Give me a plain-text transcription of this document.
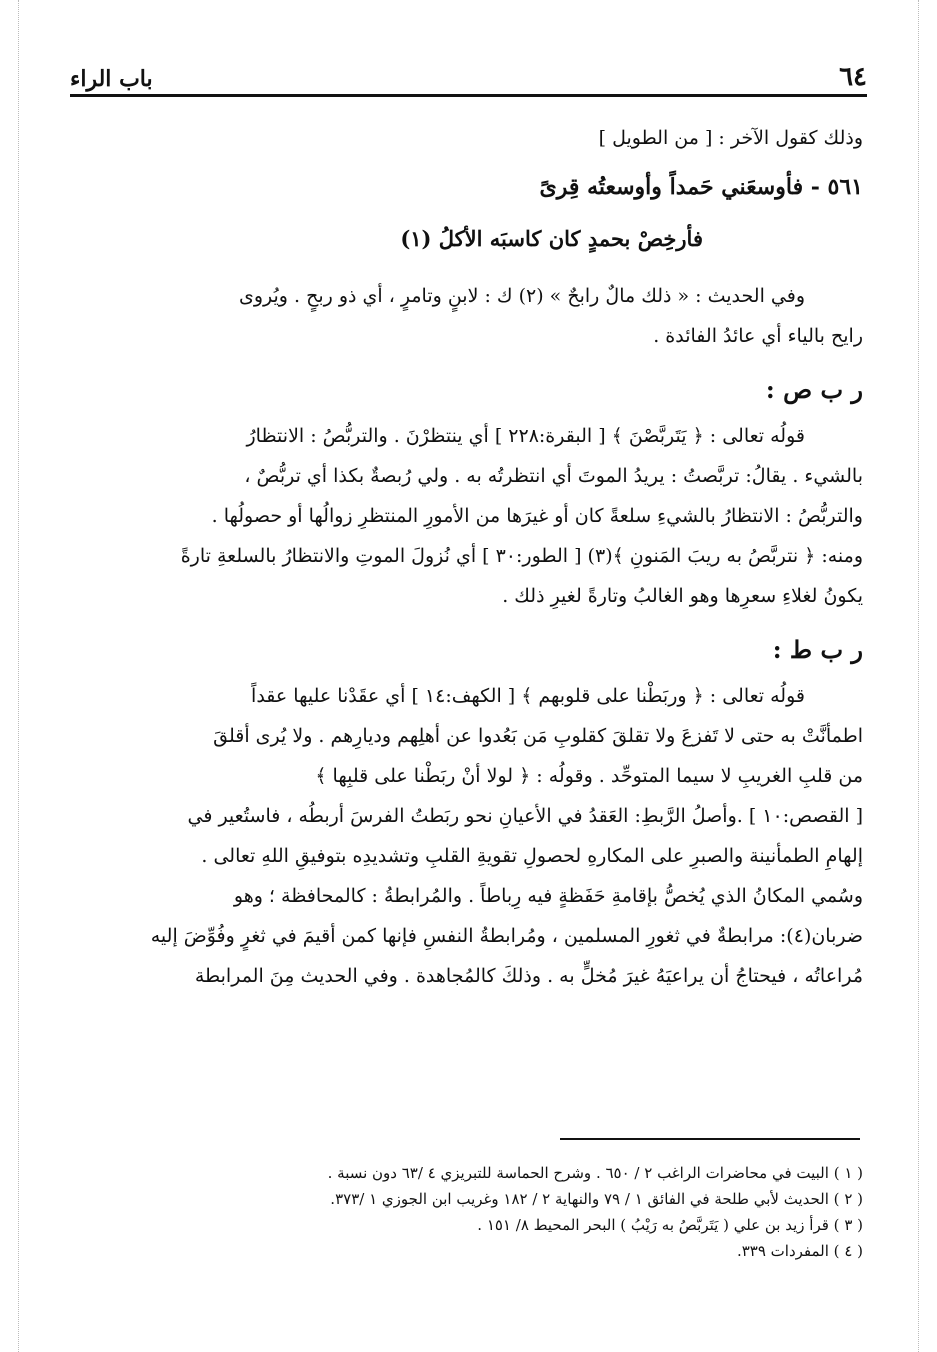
٦٤
باب الراء
وذلك كقول الآخر : [ من الطويل ]
٥٦١ - فأوسعَني حَمداً وأوسعتُه قِرىً
فأرخِصْ بحمدٍ كان كاسبَه الأكلُ (١)
وفي الحديث : « ذلك مالٌ رابحٌ » (٢) ك : لابنٍ وتامرٍ ، أي ذو ربحٍ . ويُروى
رايح بالياء أي عائدُ الفائدة .
ر ب ص :
قولُه تعالى : ﴿ يَتَربَّصْنَ ﴾ [ البقرة:٢٢٨ ] أي ينتظرْنَ . والتربُّصُ : الانتظارُ
بالشيء . يقالُ: تربَّصتُ : يريدُ الموتَ أي انتظرتُه به . ولي رُبصةٌ بكذا أي تربُّصٌ ،
والتربُّصُ : الانتظارُ بالشيءِ سلعةً كان أو غيرَها من الأمورِ المنتظرِ زوالُها أو حصولُها .
ومنه: ﴿ نتربَّصُ به ريبَ المَنونِ ﴾(٣) [ الطور:٣٠ ] أي نُزولَ الموتِ والانتظارُ بالسلعةِ تارةً
يكونُ لغلاءِ سعرِها وهو الغالبُ وتارةً لغيرِ ذلك .
ر ب ط :
قولُه تعالى : ﴿ وربَطْنا على قلوبهم ﴾ [ الكهف:١٤ ] أي عقَدْنا عليها عقداً
اطمأنَّتْ به حتى لا تَفزعَ ولا تقلقَ كقلوبِ مَن بَعُدوا عن أهلِهم وديارِهم . ولا يُرى أقلقَ
من قلبِ الغريبِ لا سيما المتوحِّد . وقولُه : ﴿ لولا أنْ ربَطْنا على قلبِها ﴾
[ القصص:١٠ ] .وأصلُ الرَّبطِ: العَقدُ في الأعيانِ نحو ربَطتُ الفرسَ أربطُه ، فاستُعير في
إلهامِ الطمأنينة والصبرِ على المكارهِ لحصولِ تقويةِ القلبِ وتشديدِه بتوفيقِ اللهِ تعالى .
وسُمي المكانُ الذي يُخصُّ بإقامةِ حَفَظةٍ فيه رِباطاً . والمُرابطةُ : كالمحافظة ؛ وهو
ضربان(٤): مرابطةٌ في ثغورِ المسلمين ، ومُرابطةُ النفسِ فإنها كمن أقيمَ في ثغرٍ وفُوِّضَ إليه
مُراعاتُه ، فيحتاجُ أن يراعيَهُ غيرَ مُخلٍّ به . وذلكَ كالمُجاهدة . وفي الحديث مِنَ المرابطة
( ١ ) البيت في محاضرات الراغب ٢ / ٦٥٠ . وشرح الحماسة للتبريزي ٤ /٦٣ دون نسبة .
( ٢ ) الحديث لأبي طلحة في الفائق ١ / ٧٩ والنهاية ٢ / ١٨٢ وغريب ابن الجوزي ١ /٣٧٣.
( ٣ ) قرأ زيد بن علي ( يَتَربَّصُ به رَيْبُ ) البحر المحيط ٨/ ١٥١ .
( ٤ ) المفردات ٣٣٩.
